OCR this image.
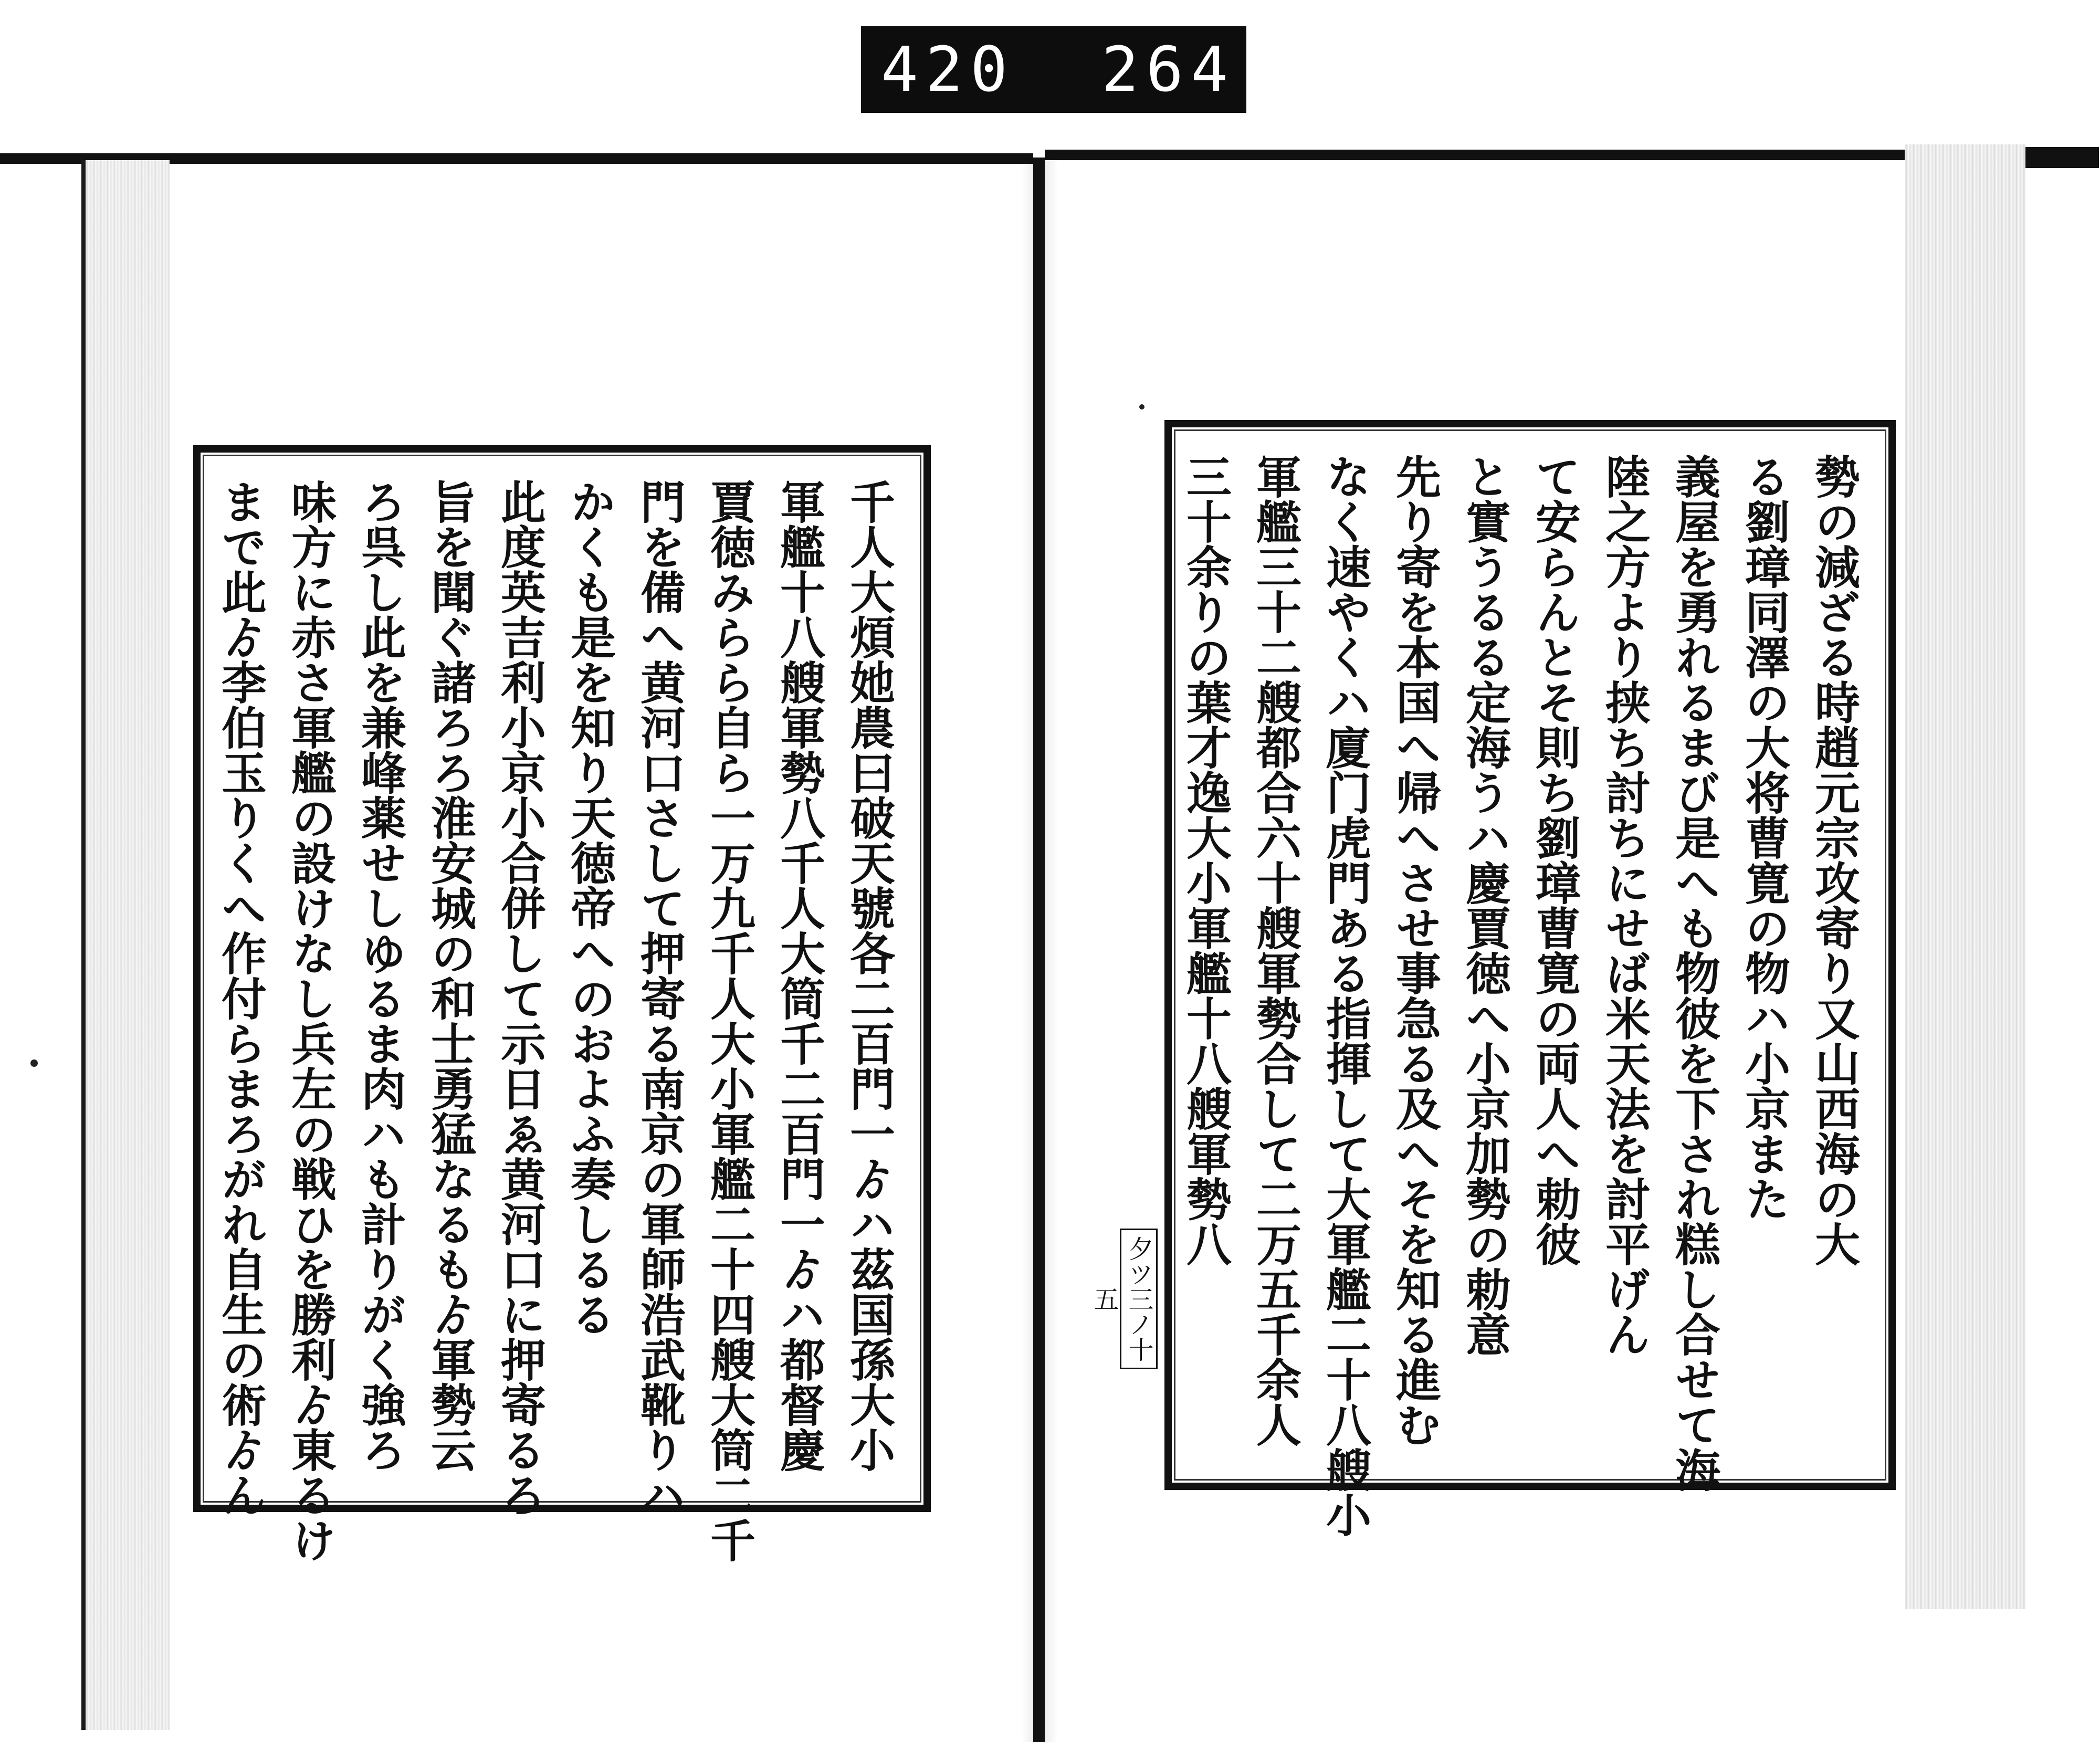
420 264.
千人大煩她農曰破天號各二百門一ゟハ茲国孫大小
軍艦十八艘軍勢八千人大筒千二百門一ゟハ都督慶
賈徳みらら自ら一万九千人大小軍艦二十四艘大筒二千
門を備へ黄河口さして押寄る南京の軍師浩武靴りハ
かくも是を知り天徳帝へのおよふ奏しるる
此度英吉利小京小合併して示日ゑ黄河口に押寄るろ
旨を聞ぐ諸ろろ淮安城の和士勇猛なるもゟ軍勢云
ろ呉し此を兼峰薬せしゆるま肉ハも計りがく強ろ
味方に赤さ軍艦の設けなし兵左の戦ひを勝利ゟ東るけ
まで此ゟ李伯玉りくへ作付らまろがれ自生の術ゟん	勢の減ざる時趙元宗攻寄り又山西海の大
る劉璋同澤の大将曹寛の物ハ小京また
義屋を勇れるまび是へも物彼を下され糕し合せて海
陸之方より挟ち討ちにせば米天法を討平げん
て安らんとそ則ち劉璋曹寛の両人へ勅彼
と實うるる定海うハ慶賈徳へ小京加勢の勅意
先り寄を本国へ帰へさせ事急る及へそを知る進む
なく速やくハ廈门虎門ある指揮して大軍艦二十八艘小
軍艦三十二艘都合六十艘軍勢合して二万五千余人
三十余りの葉才逸大小軍艦十八艘軍勢八
夕ツ三ノ十五
